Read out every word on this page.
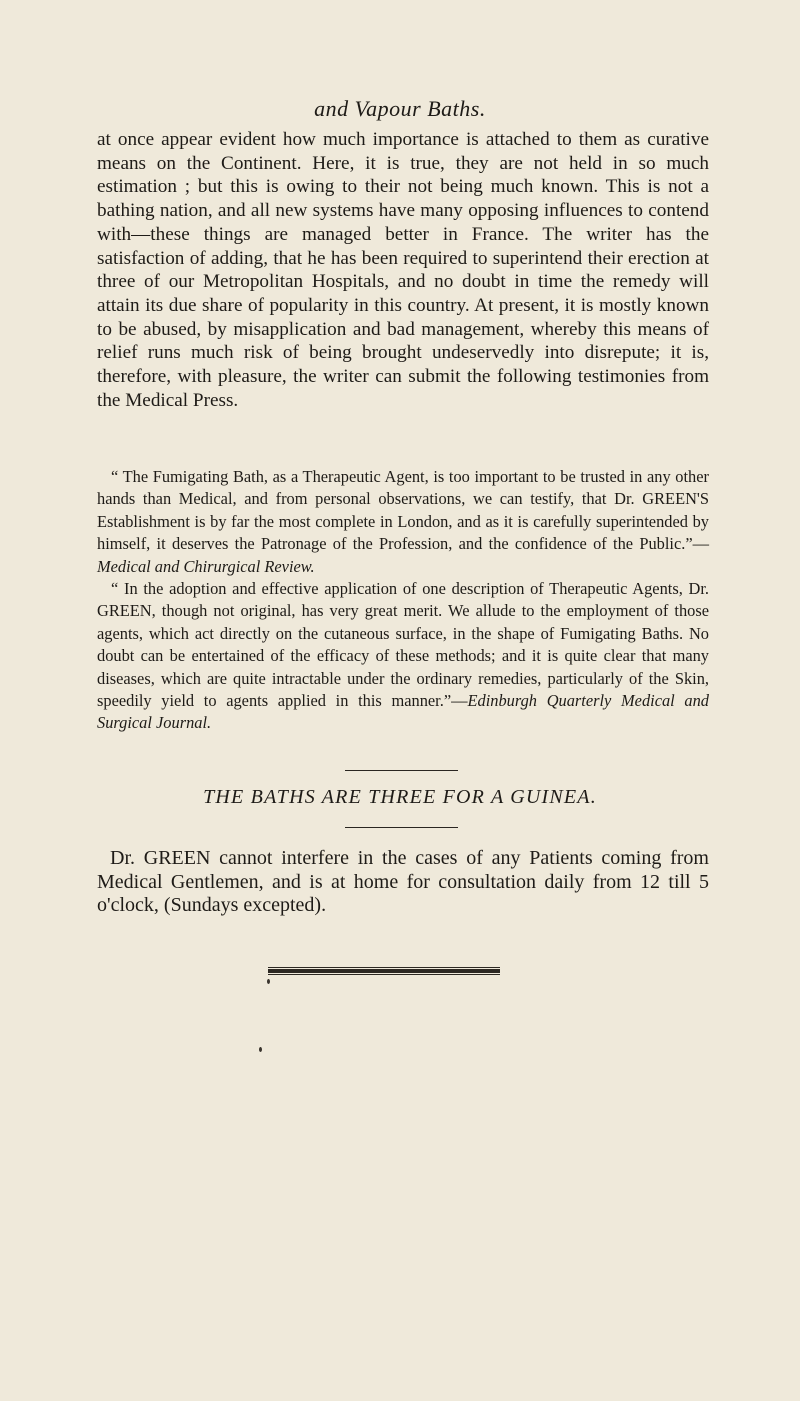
and Vapour Baths.

at once appear evident how much importance is attached to them as curative means on the Continent. Here, it is true, they are not held in so much estimation ; but this is owing to their not being much known. This is not a bathing nation, and all new systems have many opposing influences to contend with—these things are managed better in France. The writer has the satisfaction of adding, that he has been required to superintend their erection at three of our Metropolitan Hospitals, and no doubt in time the remedy will attain its due share of popularity in this country. At present, it is mostly known to be abused, by misapplication and bad management, whereby this means of relief runs much risk of being brought undeservedly into disrepute; it is, therefore, with pleasure, the writer can submit the following testimonies from the Medical Press.

“ The Fumigating Bath, as a Therapeutic Agent, is too important to be trusted in any other hands than Medical, and from personal observations, we can testify, that Dr. GREEN'S Establishment is by far the most complete in London, and as it is carefully superintended by himself, it deserves the Patronage of the Profession, and the confidence of the Public.”—Medical and Chirurgical Review.

“ In the adoption and effective application of one description of Therapeutic Agents, Dr. GREEN, though not original, has very great merit. We allude to the employment of those agents, which act directly on the cutaneous surface, in the shape of Fumigating Baths. No doubt can be entertained of the efficacy of these methods; and it is quite clear that many diseases, which are quite intractable under the ordinary remedies, particularly of the Skin, speedily yield to agents applied in this manner.”—Edinburgh Quarterly Medical and Surgical Journal.

THE BATHS ARE THREE FOR A GUINEA.

Dr. GREEN cannot interfere in the cases of any Patients coming from Medical Gentlemen, and is at home for consultation daily from 12 till 5 o'clock, (Sundays excepted).
